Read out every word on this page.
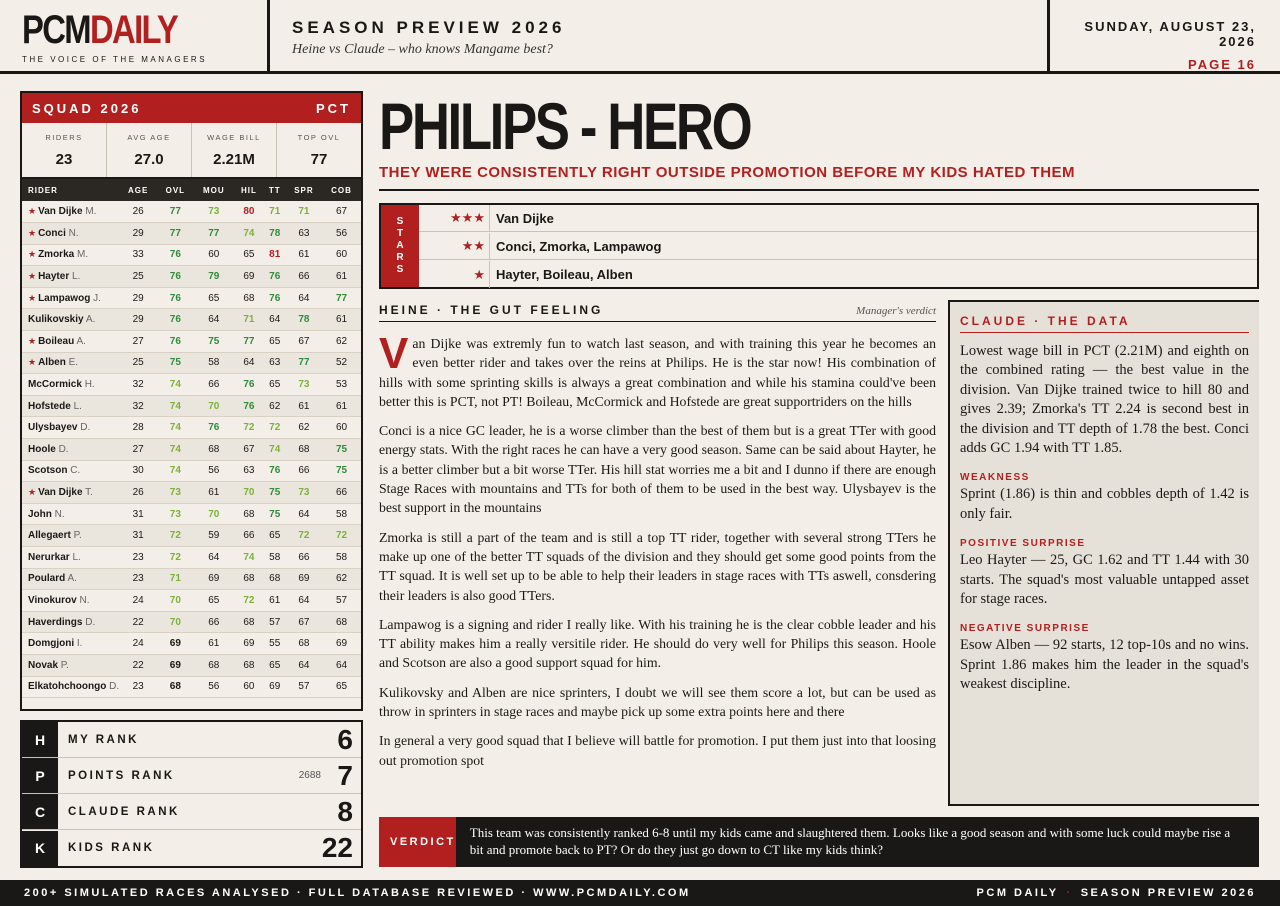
PCMDAILY
THE VOICE OF THE MANAGERS
SEASON PREVIEW 2026
Heine vs Claude – who knows Mangame best?
SUNDAY, AUGUST 23, 2026
PAGE 16
SQUAD 2026	PCT
RIDERS
23
AVG AGE
27.0
WAGE BILL
2.21M
TOP OVL
77
RIDER	AGE	OVL	MOU	HIL	TT	SPR	COB
★ Van Dijke M.	26	77	73	80	71	71	67
★ Conci N.	29	77	77	74	78	63	56
★ Zmorka M.	33	76	60	65	81	61	60
★ Hayter L.	25	76	79	69	76	66	61
★ Lampawog J.	29	76	65	68	76	64	77
Kulikovskiy A.	29	76	64	71	64	78	61
★ Boileau A.	27	76	75	77	65	67	62
★ Alben E.	25	75	58	64	63	77	52
McCormick H.	32	74	66	76	65	73	53
Hofstede L.	32	74	70	76	62	61	61
Ulysbayev D.	28	74	76	72	72	62	60
Hoole D.	27	74	68	67	74	68	75
Scotson C.	30	74	56	63	76	66	75
★ Van Dijke T.	26	73	61	70	75	73	66
John N.	31	73	70	68	75	64	58
Allegaert P.	31	72	59	66	65	72	72
Nerurkar L.	23	72	64	74	58	66	58
Poulard A.	23	71	69	68	68	69	62
Vinokurov N.	24	70	65	72	61	64	57
Haverdings D.	22	70	66	68	57	67	68
Domgjoni I.	24	69	61	69	55	68	69
Novak P.	22	69	68	68	65	64	64
Elkatohchoongo D.	23	68	56	60	69	57	65
H	MY RANK	6
P	POINTS RANK	2688 7
C	CLAUDE RANK	8
K	KIDS RANK	22
PHILIPS - HERO
THEY WERE CONSISTENTLY RIGHT OUTSIDE PROMOTION BEFORE MY KIDS HATED THEM
S
T
A
R
S
★★★ Van Dijke
★★ Conci, Zmorka, Lampawog
★ Hayter, Boileau, Alben
HEINE · THE GUT FEELING	Manager's verdict

Van Dijke was extremly fun to watch last season, and with training this year he becomes an even better rider and takes over the reins at Philips. He is the star now! His combination of hills with some sprinting skills is always a great combination and while his stamina could've been better this is PCT, not PT! Boileau, McCormick and Hofstede are great supportriders on the hills

Conci is a nice GC leader, he is a worse climber than the best of them but is a great TTer with good energy stats. With the right races he can have a very good season. Same can be said about Hayter, he is a better climber but a bit worse TTer. His hill stat worries me a bit and I dunno if there are enough Stage Races with mountains and TTs for both of them to be used in the best way. Ulysbayev is the best support in the mountains

Zmorka is still a part of the team and is still a top TT rider, together with several strong TTers he make up one of the better TT squads of the division and they should get some good points from the TT squad. It is well set up to be able to help their leaders in stage races with TTs aswell, consdering their leaders is also good TTers.

Lampawog is a signing and rider I really like. With his training he is the clear cobble leader and his TT ability makes him a really versitile rider. He should do very well for Philips this season. Hoole and Scotson are also a good support squad for him.

Kulikovsky and Alben are nice sprinters, I doubt we will see them score a lot, but can be used as throw in sprinters in stage races and maybe pick up some extra points here and there

In general a very good squad that I believe will battle for promotion. I put them just into that loosing out promotion spot

CLAUDE · THE DATA

Lowest wage bill in PCT (2.21M) and eighth on the combined rating — the best value in the division. Van Dijke trained twice to hill 80 and gives 2.39; Zmorka's TT 2.24 is second best in the division and TT depth of 1.78 the best. Conci adds GC 1.94 with TT 1.85.

WEAKNESS

Sprint (1.86) is thin and cobbles depth of 1.42 is only fair.

POSITIVE SURPRISE

Leo Hayter — 25, GC 1.62 and TT 1.44 with 30 starts. The squad's most valuable untapped asset for stage races.

NEGATIVE SURPRISE

Esow Alben — 92 starts, 12 top-10s and no wins. Sprint 1.86 makes him the leader in the squad's weakest discipline.

VERDICT
This team was consistently ranked 6-8 until my kids came and slaughtered them. Looks like a good season and with some luck could maybe rise a bit and promote back to PT? Or do they just go down to CT like my kids think?
200+ SIMULATED RACES ANALYSED · FULL DATABASE REVIEWED · WWW.PCMDAILY.COM	PCM DAILY · SEASON PREVIEW 2026
